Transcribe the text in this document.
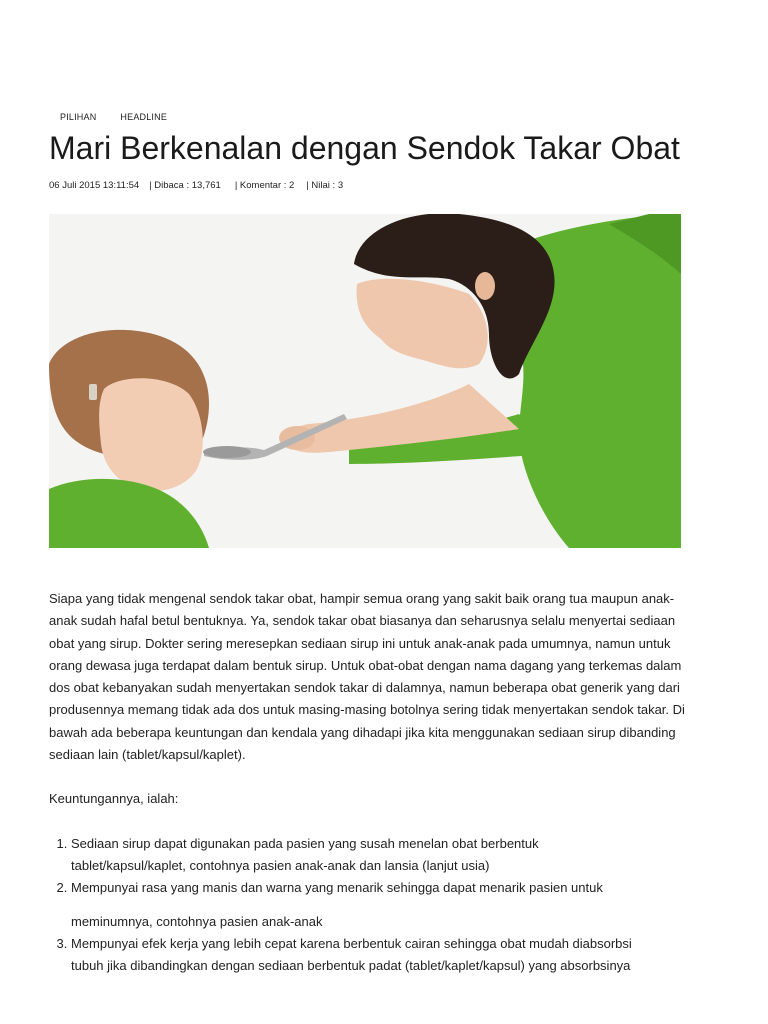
PILIHAN	HEADLINE
Mari Berkenalan dengan Sendok Takar Obat
06 Juli 2015 13:11:54 | Dibaca : 13,761 | Komentar : 2 | Nilai : 3

Siapa yang tidak mengenal sendok takar obat, hampir semua orang yang sakit baik orang tua maupun anak-anak sudah hafal betul bentuknya. Ya, sendok takar obat biasanya dan seharusnya selalu menyertai sediaan obat yang sirup. Dokter sering meresepkan sediaan sirup ini untuk anak-anak pada umumnya, namun untuk orang dewasa juga terdapat dalam bentuk sirup. Untuk obat-obat dengan nama dagang yang terkemas dalam dos obat kebanyakan sudah menyertakan sendok takar di dalamnya, namun beberapa obat generik yang dari produsennya memang tidak ada dos untuk masing-masing botolnya sering tidak menyertakan sendok takar. Di bawah ada beberapa keuntungan dan kendala yang dihadapi jika kita menggunakan sediaan sirup dibanding sediaan lain (tablet/kapsul/kaplet).

Keuntungannya, ialah:

1. Sediaan sirup dapat digunakan pada pasien yang susah menelan obat berbentuk

tablet/kapsul/kaplet, contohnya pasien anak-anak dan lansia (lanjut usia)
2. Mempunyai rasa yang manis dan warna yang menarik sehingga dapat menarik pasien untuk

meminumnya, contohnya pasien anak-anak
3. Mempunyai efek kerja yang lebih cepat karena berbentuk cairan sehingga obat mudah diabsorbsi

tubuh jika dibandingkan dengan sediaan berbentuk padat (tablet/kaplet/kapsul) yang absorbsinya
